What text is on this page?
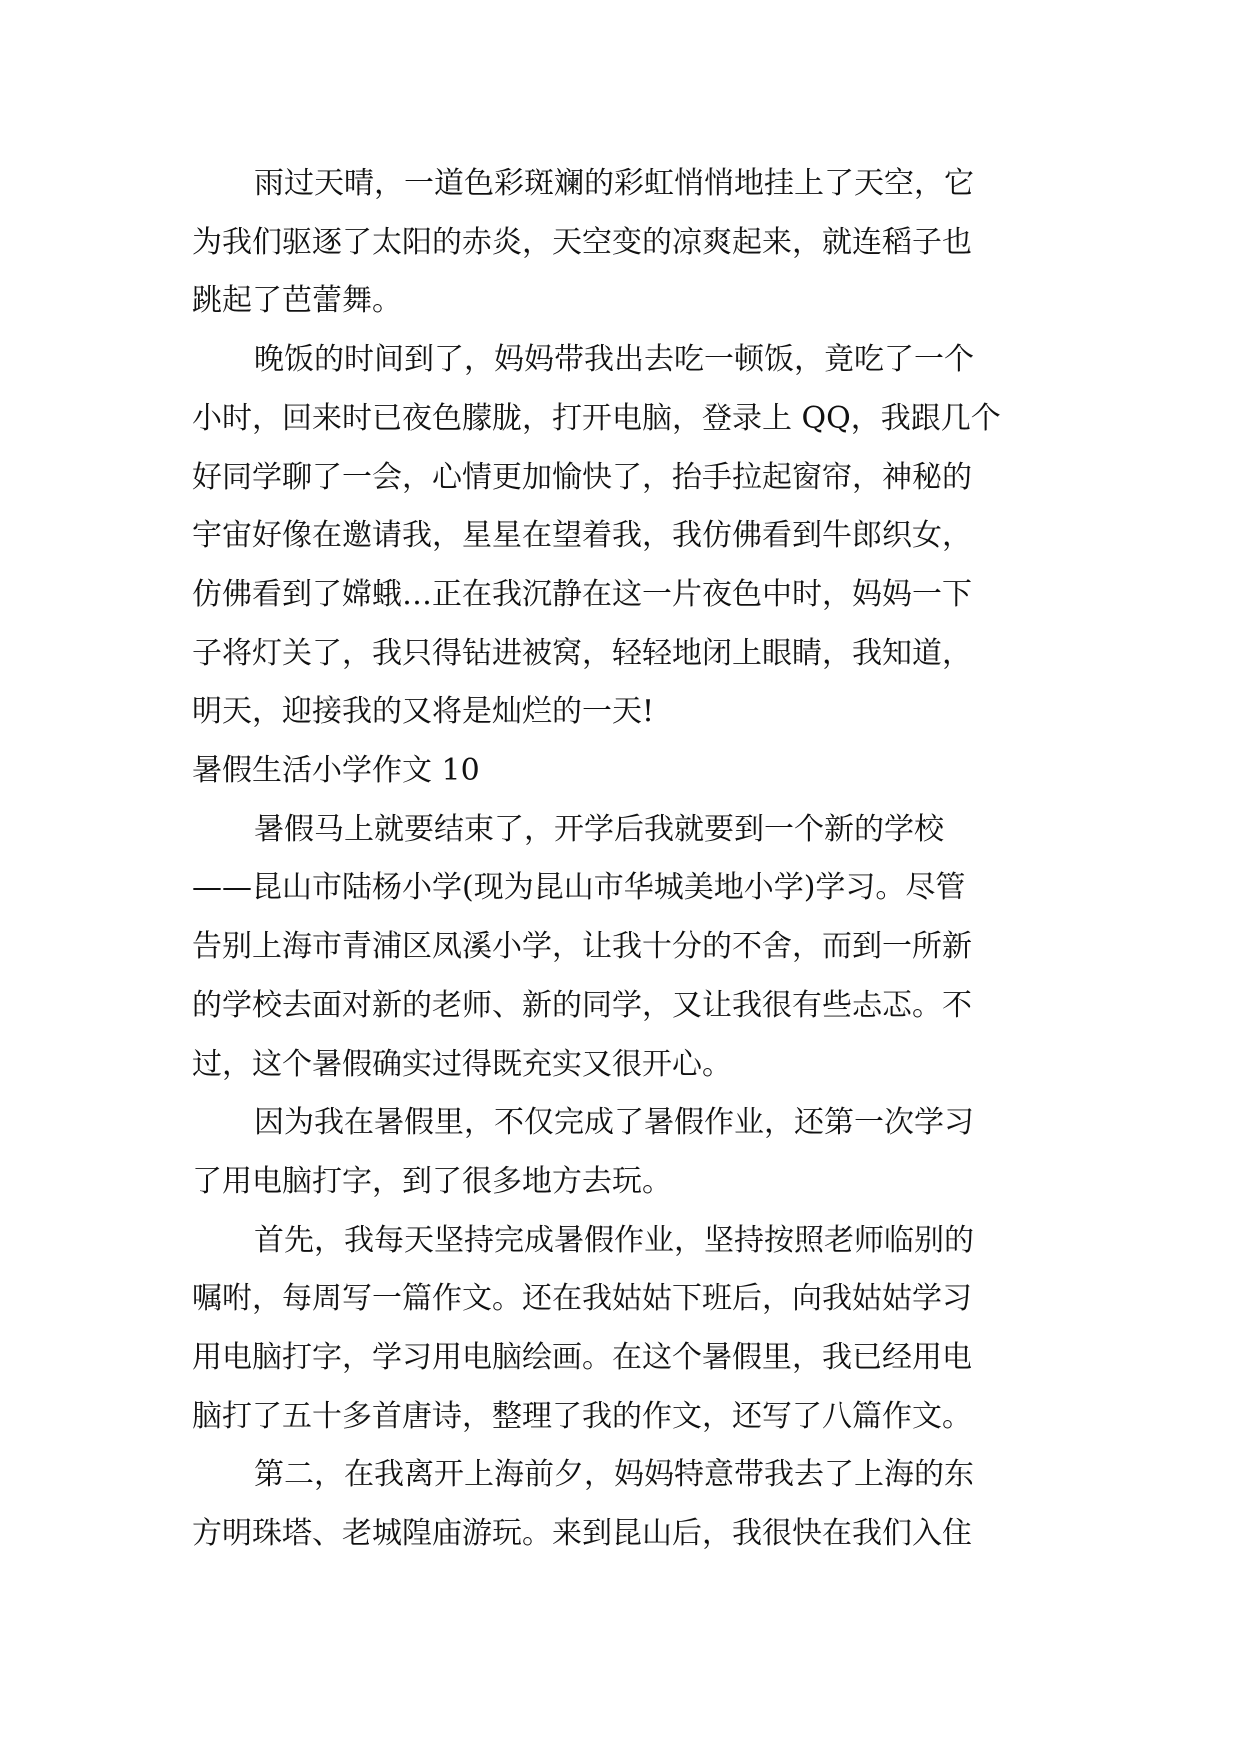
雨过天晴，一道色彩斑斓的彩虹悄悄地挂上了天空，它
为我们驱逐了太阳的赤炎，天空变的凉爽起来，就连稻子也
跳起了芭蕾舞。
晚饭的时间到了，妈妈带我出去吃一顿饭，竟吃了一个
小时，回来时已夜色朦胧，打开电脑，登录上 QQ，我跟几个
好同学聊了一会，心情更加愉快了，抬手拉起窗帘，神秘的
宇宙好像在邀请我，星星在望着我，我仿佛看到牛郎织女，
仿佛看到了嫦蛾…正在我沉静在这一片夜色中时，妈妈一下
子将灯关了，我只得钻进被窝，轻轻地闭上眼睛，我知道，
明天，迎接我的又将是灿烂的一天!
暑假生活小学作文 10
暑假马上就要结束了，开学后我就要到一个新的学校
——昆山市陆杨小学(现为昆山市华城美地小学)学习。尽管
告别上海市青浦区凤溪小学，让我十分的不舍，而到一所新
的学校去面对新的老师、新的同学，又让我很有些忐忑。不
过，这个暑假确实过得既充实又很开心。
因为我在暑假里，不仅完成了暑假作业，还第一次学习
了用电脑打字，到了很多地方去玩。
首先，我每天坚持完成暑假作业，坚持按照老师临别的
嘱咐，每周写一篇作文。还在我姑姑下班后，向我姑姑学习
用电脑打字，学习用电脑绘画。在这个暑假里，我已经用电
脑打了五十多首唐诗，整理了我的作文，还写了八篇作文。
第二，在我离开上海前夕，妈妈特意带我去了上海的东
方明珠塔、老城隍庙游玩。来到昆山后，我很快在我们入住
